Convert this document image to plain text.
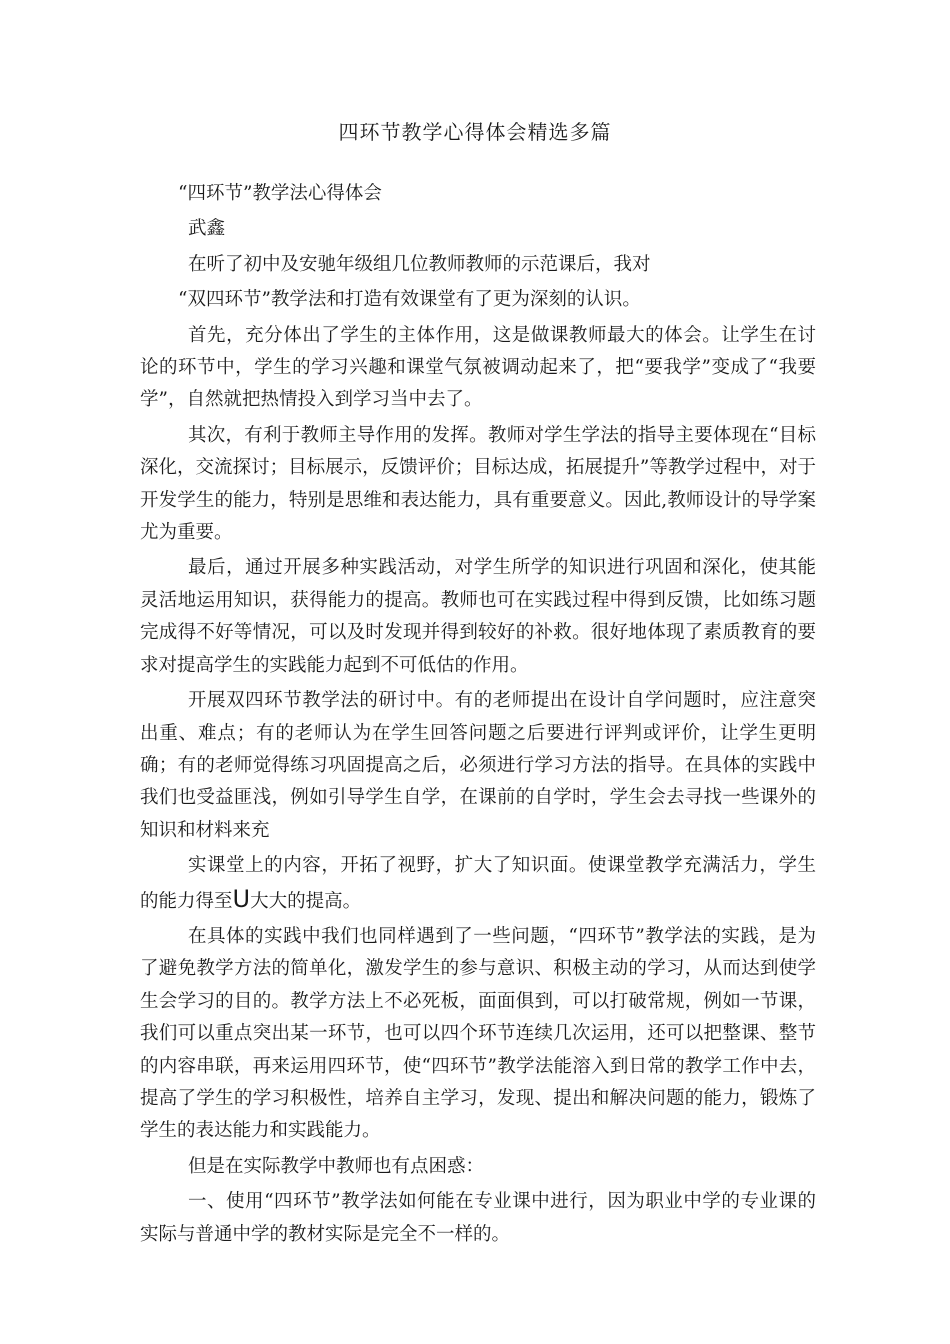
四环节教学心得体会精选多篇

“四环节”教学法心得体会

武鑫

在听了初中及安驰年级组几位教师教师的示范课后，我对

“双四环节”教学法和打造有效课堂有了更为深刻的认识。

首先，充分体出了学生的主体作用，这是做课教师最大的体会。让学生在讨论的环节中，学生的学习兴趣和课堂气氛被调动起来了，把“要我学”变成了“我要学”，自然就把热情投入到学习当中去了。

其次，有利于教师主导作用的发挥。教师对学生学法的指导主要体现在“目标深化，交流探讨；目标展示，反馈评价；目标达成，拓展提升”等教学过程中，对于开发学生的能力，特别是思维和表达能力，具有重要意义。因此,教师设计的导学案尤为重要。

最后，通过开展多种实践活动，对学生所学的知识进行巩固和深化，使其能灵活地运用知识，获得能力的提高。教师也可在实践过程中得到反馈，比如练习题完成得不好等情况，可以及时发现并得到较好的补救。很好地体现了素质教育的要求对提高学生的实践能力起到不可低估的作用。

开展双四环节教学法的研讨中。有的老师提出在设计自学问题时，应注意突出重、难点；有的老师认为在学生回答问题之后要进行评判或评价，让学生更明确；有的老师觉得练习巩固提高之后，必须进行学习方法的指导。在具体的实践中我们也受益匪浅，例如引导学生自学，在课前的自学时，学生会去寻找一些课外的知识和材料来充

实课堂上的内容，开拓了视野，扩大了知识面。使课堂教学充满活力，学生的能力得至U大大的提高。

在具体的实践中我们也同样遇到了一些问题，“四环节”教学法的实践，是为了避免教学方法的简单化，激发学生的参与意识、积极主动的学习，从而达到使学生会学习的目的。教学方法上不必死板，面面俱到，可以打破常规，例如一节课，我们可以重点突出某一环节，也可以四个环节连续几次运用，还可以把整课、整节的内容串联，再来运用四环节，使“四环节”教学法能溶入到日常的教学工作中去，提高了学生的学习积极性，培养自主学习，发现、提出和解决问题的能力，锻炼了学生的表达能力和实践能力。

但是在实际教学中教师也有点困惑：

一、使用“四环节”教学法如何能在专业课中进行，因为职业中学的专业课的实际与普通中学的教材实际是完全不一样的。
